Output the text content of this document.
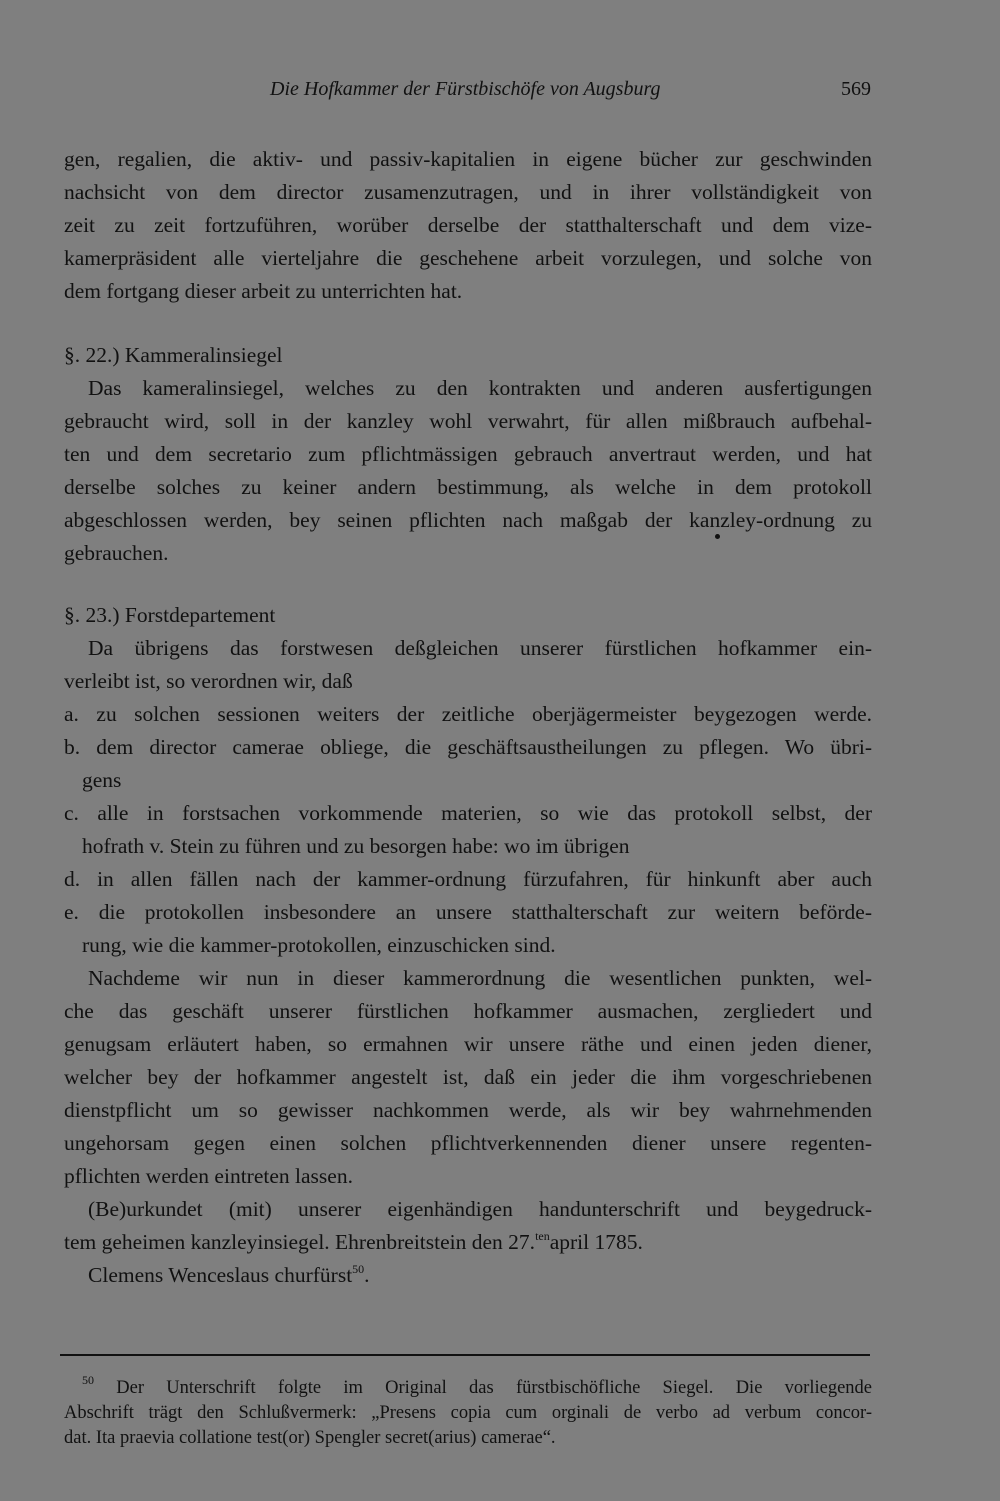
Die Hofkammer der Fürstbischöfe von Augsburg	569
gen, regalien, die aktiv- und passiv-kapitalien in eigene bücher zur geschwinden
nachsicht von dem director zusamenzutragen, und in ihrer vollständigkeit von
zeit zu zeit fortzuführen, worüber derselbe der statthalterschaft und dem vize-
kamerpräsident alle vierteljahre die geschehene arbeit vorzulegen, und solche von
dem fortgang dieser arbeit zu unterrichten hat.
§. 22.) Kammeralinsiegel
Das kameralinsiegel, welches zu den kontrakten und anderen ausfertigungen
gebraucht wird, soll in der kanzley wohl verwahrt, für allen mißbrauch aufbehal-
ten und dem secretario zum pflichtmässigen gebrauch anvertraut werden, und hat
derselbe solches zu keiner andern bestimmung, als welche in dem protokoll
abgeschlossen werden, bey seinen pflichten nach maßgab der kanzley-ordnung zu
gebrauchen.
§. 23.) Forstdepartement
Da übrigens das forstwesen deßgleichen unserer fürstlichen hofkammer ein-
verleibt ist, so verordnen wir, daß
a. zu solchen sessionen weiters der zeitliche oberjägermeister beygezogen werde.
b. dem director camerae obliege, die geschäftsaustheilungen zu pflegen. Wo übri-
gens
c. alle in forstsachen vorkommende materien, so wie das protokoll selbst, der
hofrath v. Stein zu führen und zu besorgen habe: wo im übrigen
d. in allen fällen nach der kammer-ordnung fürzufahren, für hinkunft aber auch
e. die protokollen insbesondere an unsere statthalterschaft zur weitern beförde-
rung, wie die kammer-protokollen, einzuschicken sind.
Nachdeme wir nun in dieser kammerordnung die wesentlichen punkten, wel-
che das geschäft unserer fürstlichen hofkammer ausmachen, zergliedert und
genugsam erläutert haben, so ermahnen wir unsere räthe und einen jeden diener,
welcher bey der hofkammer angestelt ist, daß ein jeder die ihm vorgeschriebenen
dienstpflicht um so gewisser nachkommen werde, als wir bey wahrnehmenden
ungehorsam gegen einen solchen pflichtverkennenden diener unsere regenten-
pflichten werden eintreten lassen.
(Be)urkundet (mit) unserer eigenhändigen handunterschrift und beygedruck-
tem geheimen kanzleyinsiegel. Ehrenbreitstein den 27.$^{ten}$april 1785.
Clemens Wenceslaus churfürst$^{50}$.
$^{50}$ Der Unterschrift folgte im Original das fürstbischöfliche Siegel. Die vorliegende
Abschrift trägt den Schlußvermerk: „Presens copia cum orginali de verbo ad verbum concor-
dat. Ita praevia collatione test(or) Spengler secret(arius) camerae“.
